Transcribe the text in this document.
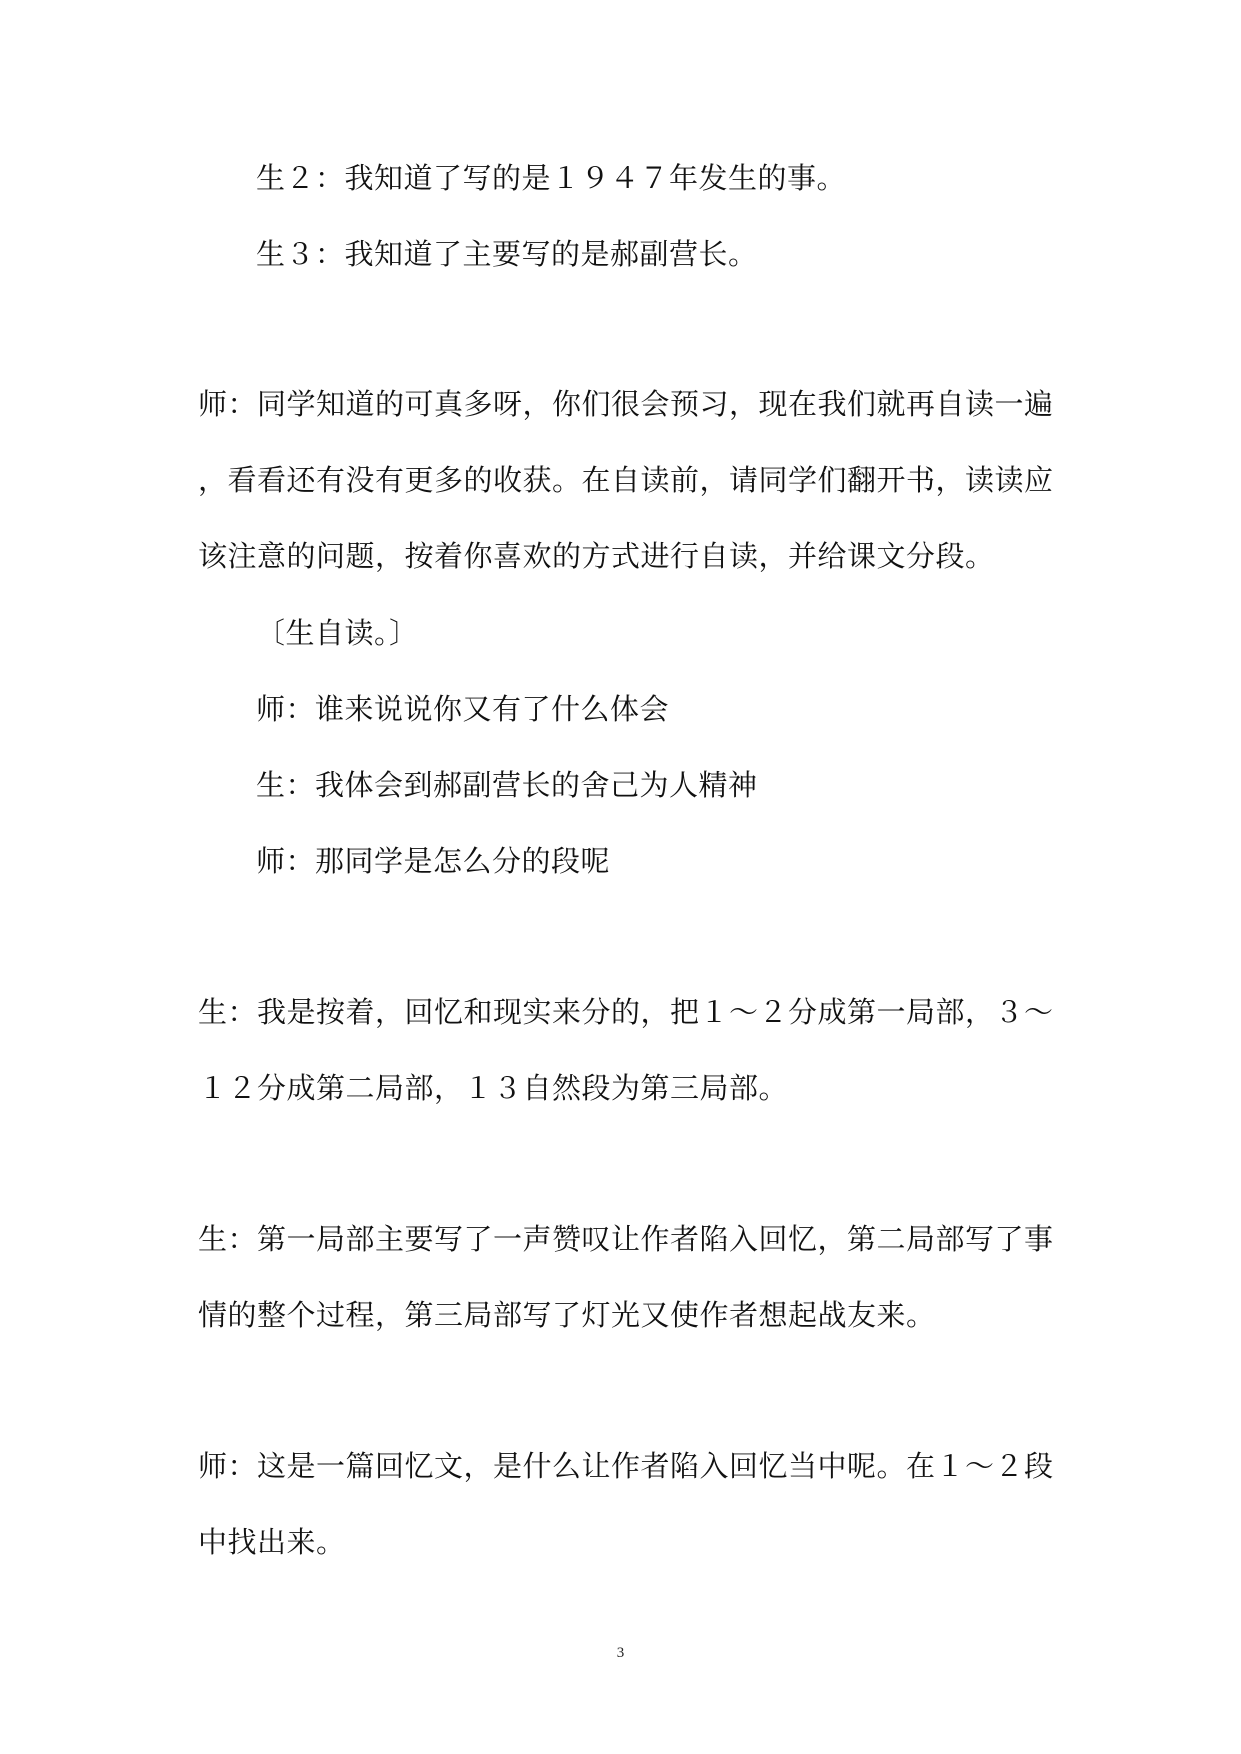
生２：我知道了写的是１９４７年发生的事。
生３：我知道了主要写的是郝副营长。
师：同学知道的可真多呀，你们很会预习，现在我们就再自读一遍
，看看还有没有更多的收获。在自读前，请同学们翻开书，读读应
该注意的问题，按着你喜欢的方式进行自读，并给课文分段。
〔生自读。〕
师：谁来说说你又有了什么体会
生：我体会到郝副营长的舍己为人精神
师：那同学是怎么分的段呢
生：我是按着，回忆和现实来分的，把１～２分成第一局部，３～
１２分成第二局部，１３自然段为第三局部。
生：第一局部主要写了一声赞叹让作者陷入回忆，第二局部写了事
情的整个过程，第三局部写了灯光又使作者想起战友来。
师：这是一篇回忆文，是什么让作者陷入回忆当中呢。在１～２段
中找出来。
3
